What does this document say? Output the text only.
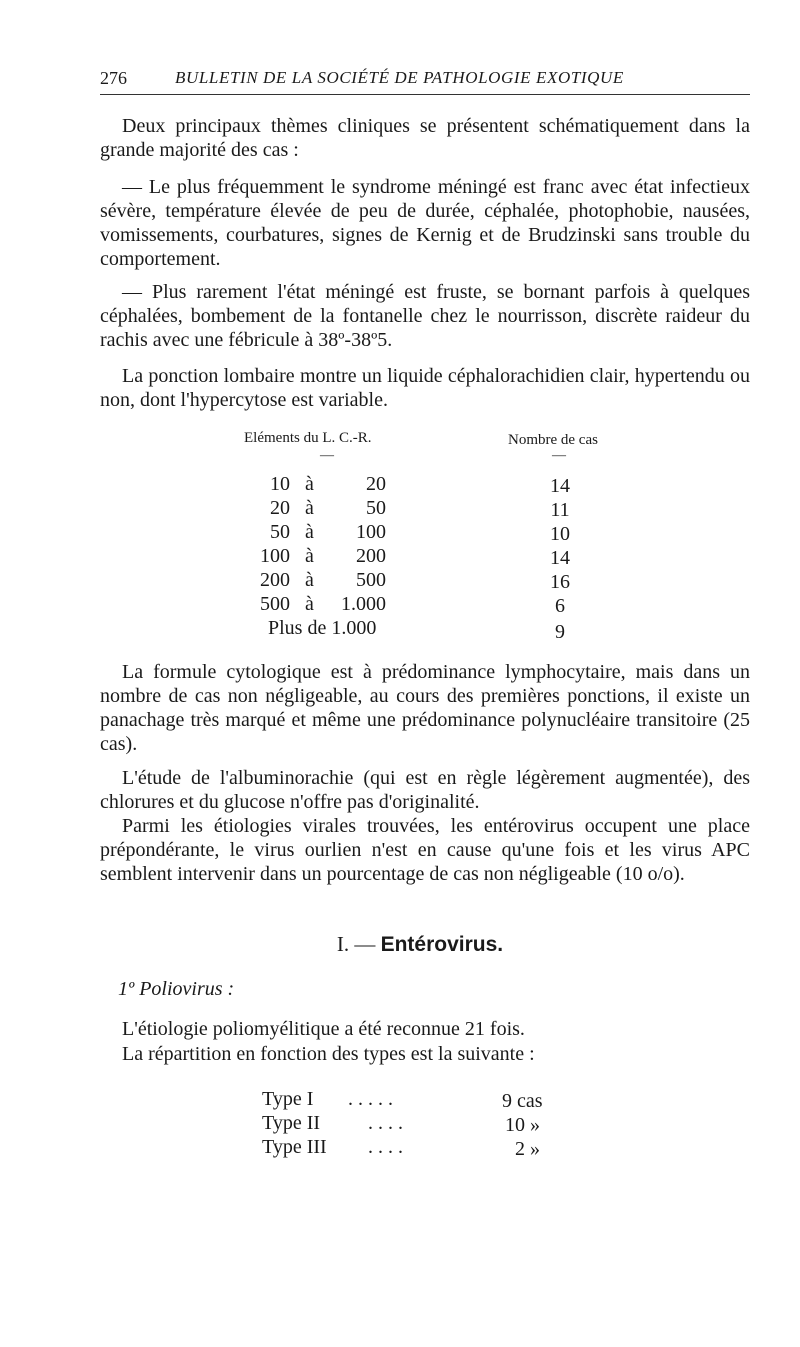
276	BULLETIN DE LA SOCIÉTÉ DE PATHOLOGIE EXOTIQUE

Deux principaux thèmes cliniques se présentent schématiquement dans la grande majorité des cas :

— Le plus fréquemment le syndrome méningé est franc avec état infectieux sévère, température élevée de peu de durée, céphalée, photophobie, nausées, vomissements, courbatures, signes de Kernig et de Brudzinski sans trouble du comportement.

— Plus rarement l'état méningé est fruste, se bornant parfois à quelques céphalées, bombement de la fontanelle chez le nourrisson, discrète raideur du rachis avec une fébricule à 38º-38º5.

La ponction lombaire montre un liquide céphalorachidien clair, hypertendu ou non, dont l'hypercytose est variable.

Eléments du L. C.-R.	Nombre de cas
—	—
10 à	20	14
20 à	50	11
50 à	100	10
100 à	200	14
200 à	500	16
500 à	1.000	6
Plus de 1.000	9

La formule cytologique est à prédominance lymphocytaire, mais dans un nombre de cas non négligeable, au cours des premières ponctions, il existe un panachage très marqué et même une prédominance polynucléaire transitoire (25 cas).

L'étude de l'albuminorachie (qui est en règle légèrement augmentée), des chlorures et du glucose n'offre pas d'originalité.

Parmi les étiologies virales trouvées, les entérovirus occupent une place prépondérante, le virus ourlien n'est en cause qu'une fois et les virus APC semblent intervenir dans un pourcentage de cas non négligeable (10 o/o).

I. — Entérovirus.
1º Poliovirus :

L'étiologie poliomyélitique a été reconnue 21 fois.

La répartition en fonction des types est la suivante :

Type I . . . . .	9 cas
Type II . . . .	10 »
Type III . . . .	2 »
